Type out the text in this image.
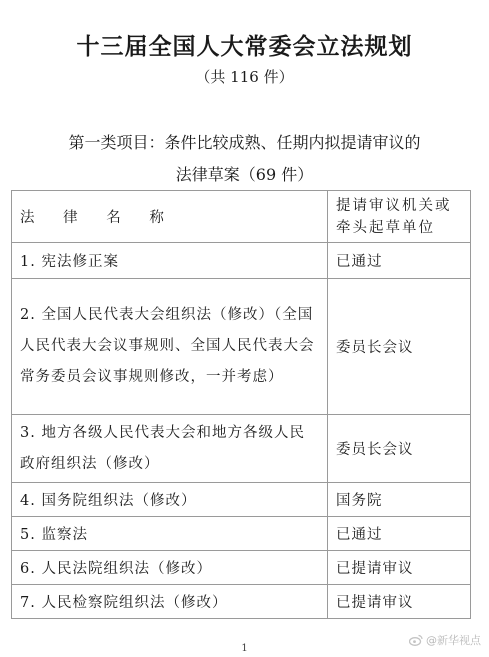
十三届全国人大常委会立法规划
（共 116 件）
第一类项目：条件比较成熟、任期内拟提请审议的
法律草案（69 件）
法 律 名 称	提请审议机关或牵头起草单位
1. 宪法修正案	已通过
2. 全国人民代表大会组织法（修改）（全国人民代表大会议事规则、全国人民代表大会常务委员会议事规则修改，一并考虑）	委员长会议
3. 地方各级人民代表大会和地方各级人民政府组织法（修改）	委员长会议
4. 国务院组织法（修改）	国务院
5. 监察法	已通过
6. 人民法院组织法（修改）	已提请审议
7. 人民检察院组织法（修改）	已提请审议
1
@新华视点
